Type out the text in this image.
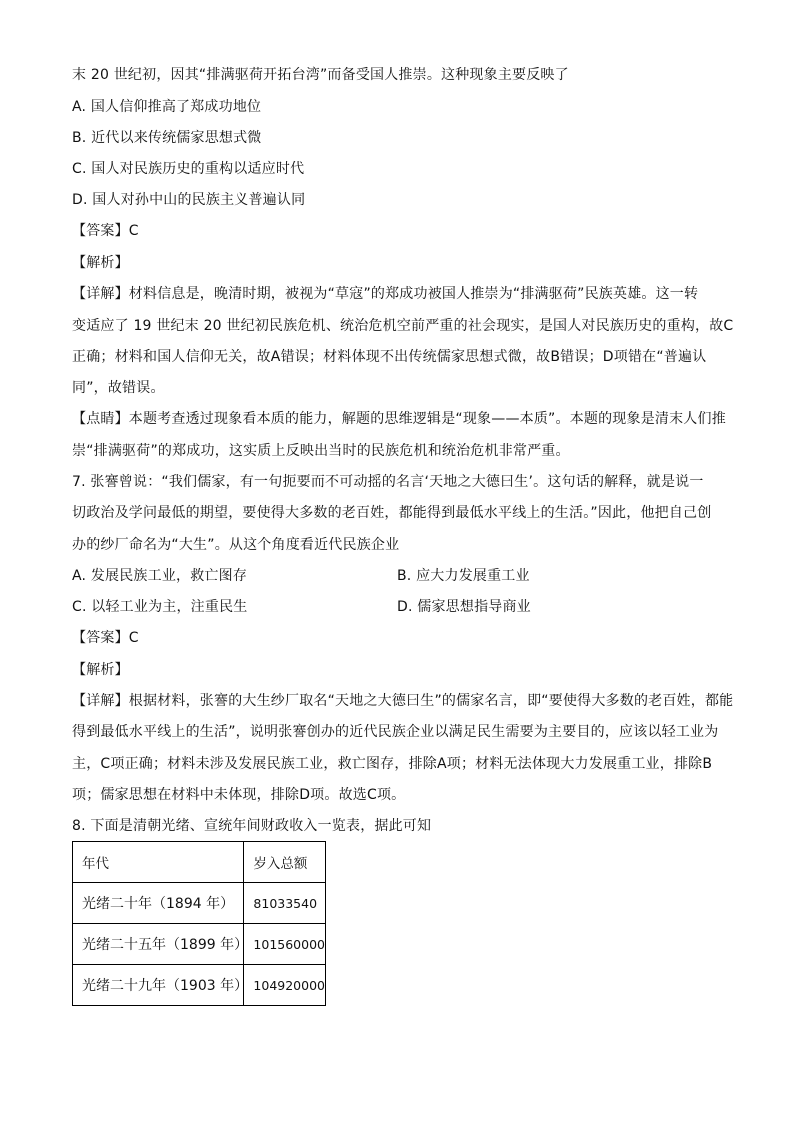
末 20 世纪初，因其“排满驱荷开拓台湾”而备受国人推崇。这种现象主要反映了
A. 国人信仰推高了郑成功地位
B. 近代以来传统儒家思想式微
C. 国人对民族历史的重构以适应时代
D. 国人对孙中山的民族主义普遍认同
【答案】C
【解析】
【详解】材料信息是，晚清时期，被视为“草寇”的郑成功被国人推崇为“排满驱荷”民族英雄。这一转
变适应了 19 世纪末 20 世纪初民族危机、统治危机空前严重的社会现实，是国人对民族历史的重构，故C
正确；材料和国人信仰无关，故A错误；材料体现不出传统儒家思想式微，故B错误；D项错在“普遍认
同”，故错误。
【点睛】本题考查透过现象看本质的能力，解题的思维逻辑是“现象——本质”。本题的现象是清末人们推
崇“排满驱荷”的郑成功，这实质上反映出当时的民族危机和统治危机非常严重。
7. 张謇曾说：“我们儒家，有一句扼要而不可动摇的名言‘天地之大德曰生’。这句话的解释，就是说一
切政治及学问最低的期望，要使得大多数的老百姓，都能得到最低水平线上的生活。”因此，他把自己创
办的纱厂命名为“大生”。从这个角度看近代民族企业
A. 发展民族工业，救亡图存	B. 应大力发展重工业
C. 以轻工业为主，注重民生	D. 儒家思想指导商业
【答案】C
【解析】
【详解】根据材料，张謇的大生纱厂取名“天地之大德曰生”的儒家名言，即“要使得大多数的老百姓，都能
得到最低水平线上的生活”，说明张謇创办的近代民族企业以满足民生需要为主要目的，应该以轻工业为
主，C项正确；材料未涉及发展民族工业，救亡图存，排除A项；材料无法体现大力发展重工业，排除B
项；儒家思想在材料中未体现，排除D项。故选C项。
8. 下面是清朝光绪、宣统年间财政收入一览表，据此可知
年代	岁入总额
光绪二十年（1894 年）	81033540
光绪二十五年（1899 年）	101560000
光绪二十九年（1903 年）	104920000
